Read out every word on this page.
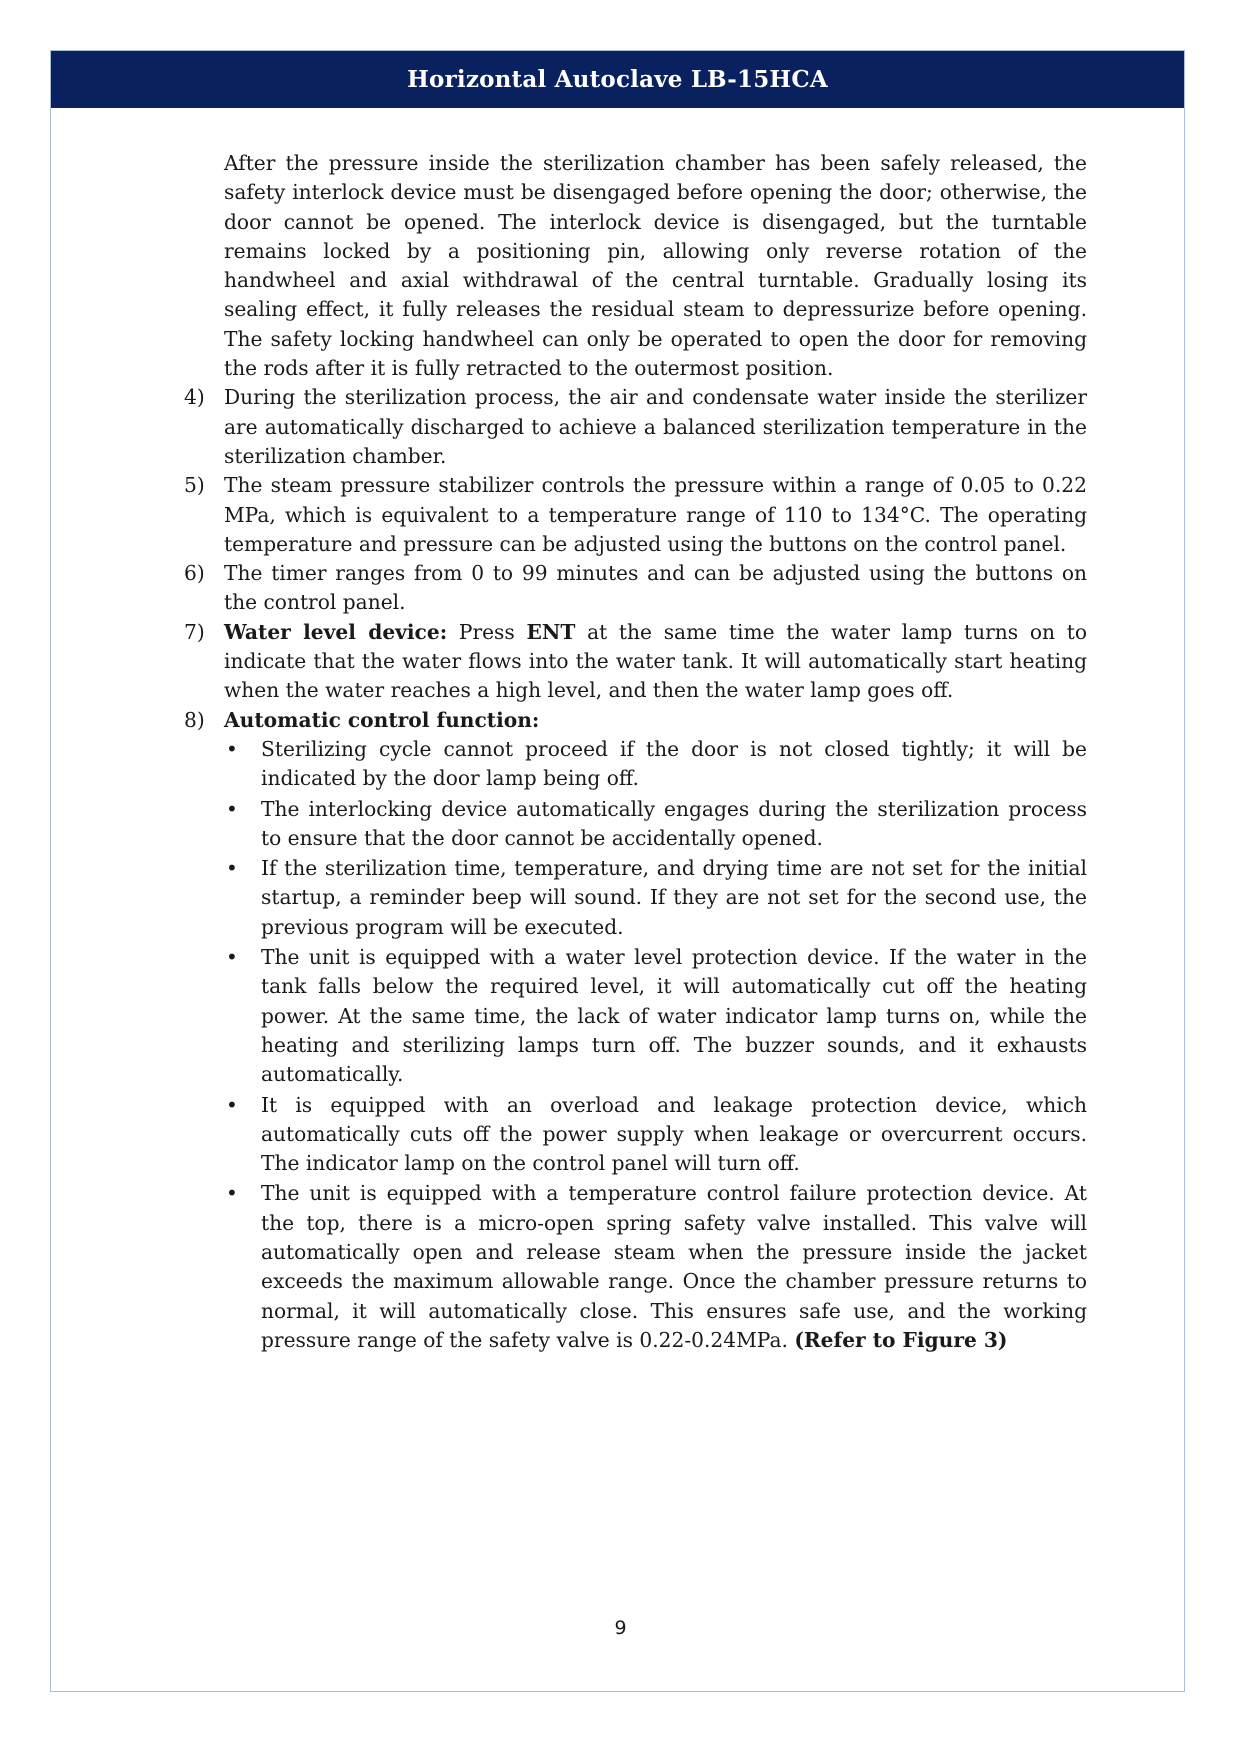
Horizontal Autoclave LB-15HCA

After the pressure inside the sterilization chamber has been safely released, the safety interlock device must be disengaged before opening the door; otherwise, the door cannot be opened. The interlock device is disengaged, but the turntable remains locked by a positioning pin, allowing only reverse rotation of the handwheel and axial withdrawal of the central turntable. Gradually losing its sealing effect, it fully releases the residual steam to depressurize before opening. The safety locking handwheel can only be operated to open the door for removing the rods after it is fully retracted to the outermost position.

4) During the sterilization process, the air and condensate water inside the sterilizer are automatically discharged to achieve a balanced sterilization temperature in the sterilization chamber.
5) The steam pressure stabilizer controls the pressure within a range of 0.05 to 0.22 MPa, which is equivalent to a temperature range of 110 to 134°C. The operating temperature and pressure can be adjusted using the buttons on the control panel.
6) The timer ranges from 0 to 99 minutes and can be adjusted using the buttons on the control panel.
7) Water level device: Press ENT at the same time the water lamp turns on to indicate that the water flows into the water tank. It will automatically start heating when the water reaches a high level, and then the water lamp goes off.
8) Automatic control function:
• Sterilizing cycle cannot proceed if the door is not closed tightly; it will be indicated by the door lamp being off.
• The interlocking device automatically engages during the sterilization process to ensure that the door cannot be accidentally opened.
• If the sterilization time, temperature, and drying time are not set for the initial startup, a reminder beep will sound. If they are not set for the second use, the previous program will be executed.
• The unit is equipped with a water level protection device. If the water in the tank falls below the required level, it will automatically cut off the heating power. At the same time, the lack of water indicator lamp turns on, while the heating and sterilizing lamps turn off. The buzzer sounds, and it exhausts automatically.
• It is equipped with an overload and leakage protection device, which automatically cuts off the power supply when leakage or overcurrent occurs. The indicator lamp on the control panel will turn off.
• The unit is equipped with a temperature control failure protection device. At the top, there is a micro-open spring safety valve installed. This valve will automatically open and release steam when the pressure inside the jacket exceeds the maximum allowable range. Once the chamber pressure returns to normal, it will automatically close. This ensures safe use, and the working pressure range of the safety valve is 0.22-0.24MPa. (Refer to Figure 3)
9
